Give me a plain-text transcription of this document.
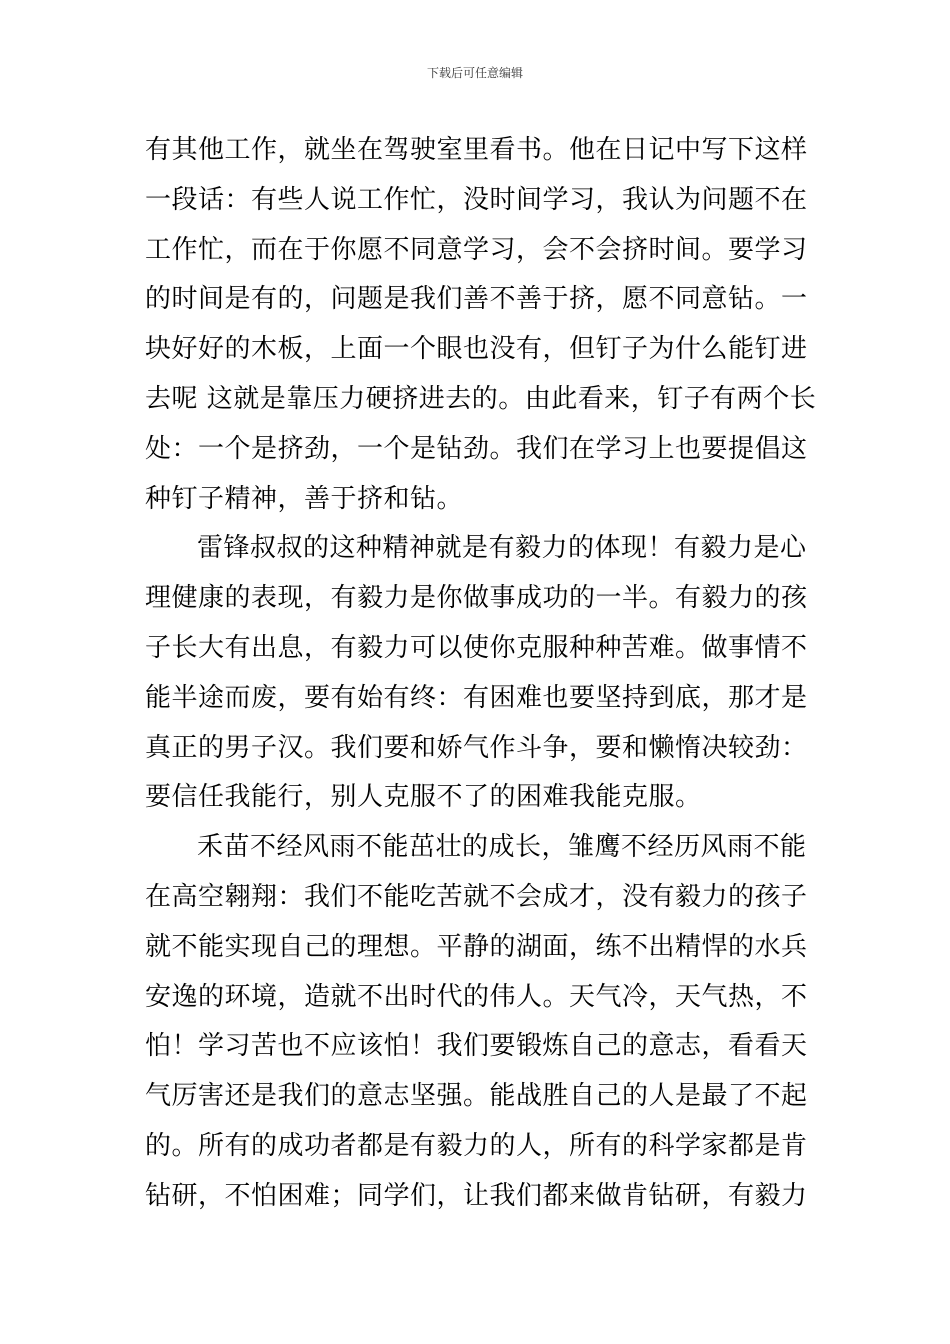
下载后可任意编辑
有其他工作，就坐在驾驶室里看书。他在日记中写下这样
一段话：有些人说工作忙，没时间学习，我认为问题不在
工作忙，而在于你愿不同意学习，会不会挤时间。要学习
的时间是有的，问题是我们善不善于挤，愿不同意钻。一
块好好的木板，上面一个眼也没有，但钉子为什么能钉进
去呢 这就是靠压力硬挤进去的。由此看来，钉子有两个长
处：一个是挤劲，一个是钻劲。我们在学习上也要提倡这
种钉子精神，善于挤和钻。
雷锋叔叔的这种精神就是有毅力的体现！有毅力是心
理健康的表现，有毅力是你做事成功的一半。有毅力的孩
子长大有出息，有毅力可以使你克服种种苦难。做事情不
能半途而废，要有始有终：有困难也要坚持到底，那才是
真正的男子汉。我们要和娇气作斗争，要和懒惰决较劲：
要信任我能行，别人克服不了的困难我能克服。
禾苗不经风雨不能茁壮的成长，雏鹰不经历风雨不能
在高空翱翔：我们不能吃苦就不会成才，没有毅力的孩子
就不能实现自己的理想。平静的湖面，练不出精悍的水兵
安逸的环境，造就不出时代的伟人。天气冷，天气热，不
怕！学习苦也不应该怕！我们要锻炼自己的意志，看看天
气厉害还是我们的意志坚强。能战胜自己的人是最了不起
的。所有的成功者都是有毅力的人，所有的科学家都是肯
钻研，不怕困难；同学们，让我们都来做肯钻研，有毅力
